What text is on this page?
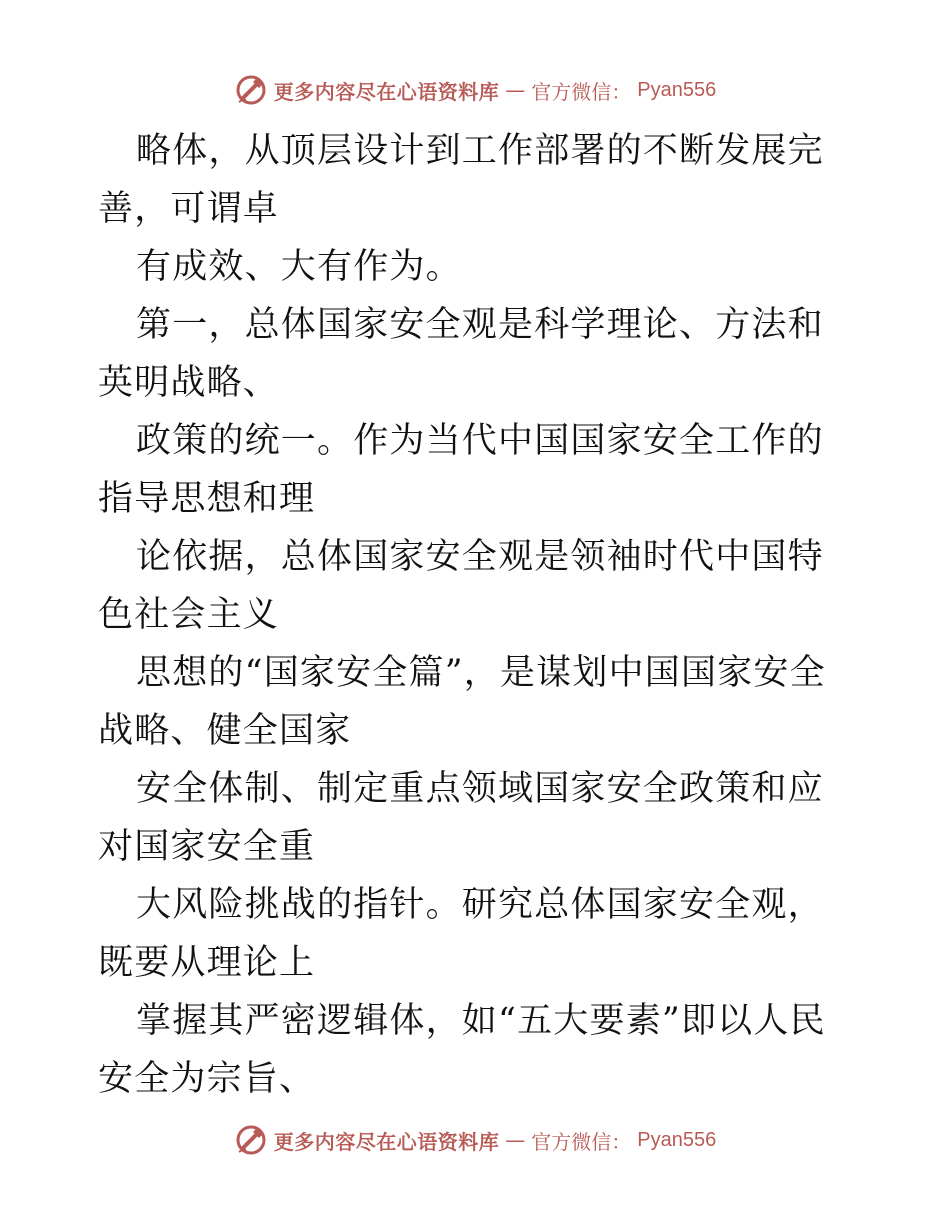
更多内容尽在心语资料库 — 官方微信： Pyan556

略体，从顶层设计到工作部署的不断发展完善，可谓卓

有成效、大有作为。

第一，总体国家安全观是科学理论、方法和英明战略、

政策的统一。作为当代中国国家安全工作的指导思想和理

论依据，总体国家安全观是领袖时代中国特色社会主义

思想的“国家安全篇”，是谋划中国国家安全战略、健全国家

安全体制、制定重点领域国家安全政策和应对国家安全重

大风险挑战的指针。研究总体国家安全观，既要从理论上

掌握其严密逻辑体，如“五大要素”即以人民安全为宗旨、

更多内容尽在心语资料库 — 官方微信： Pyan556
